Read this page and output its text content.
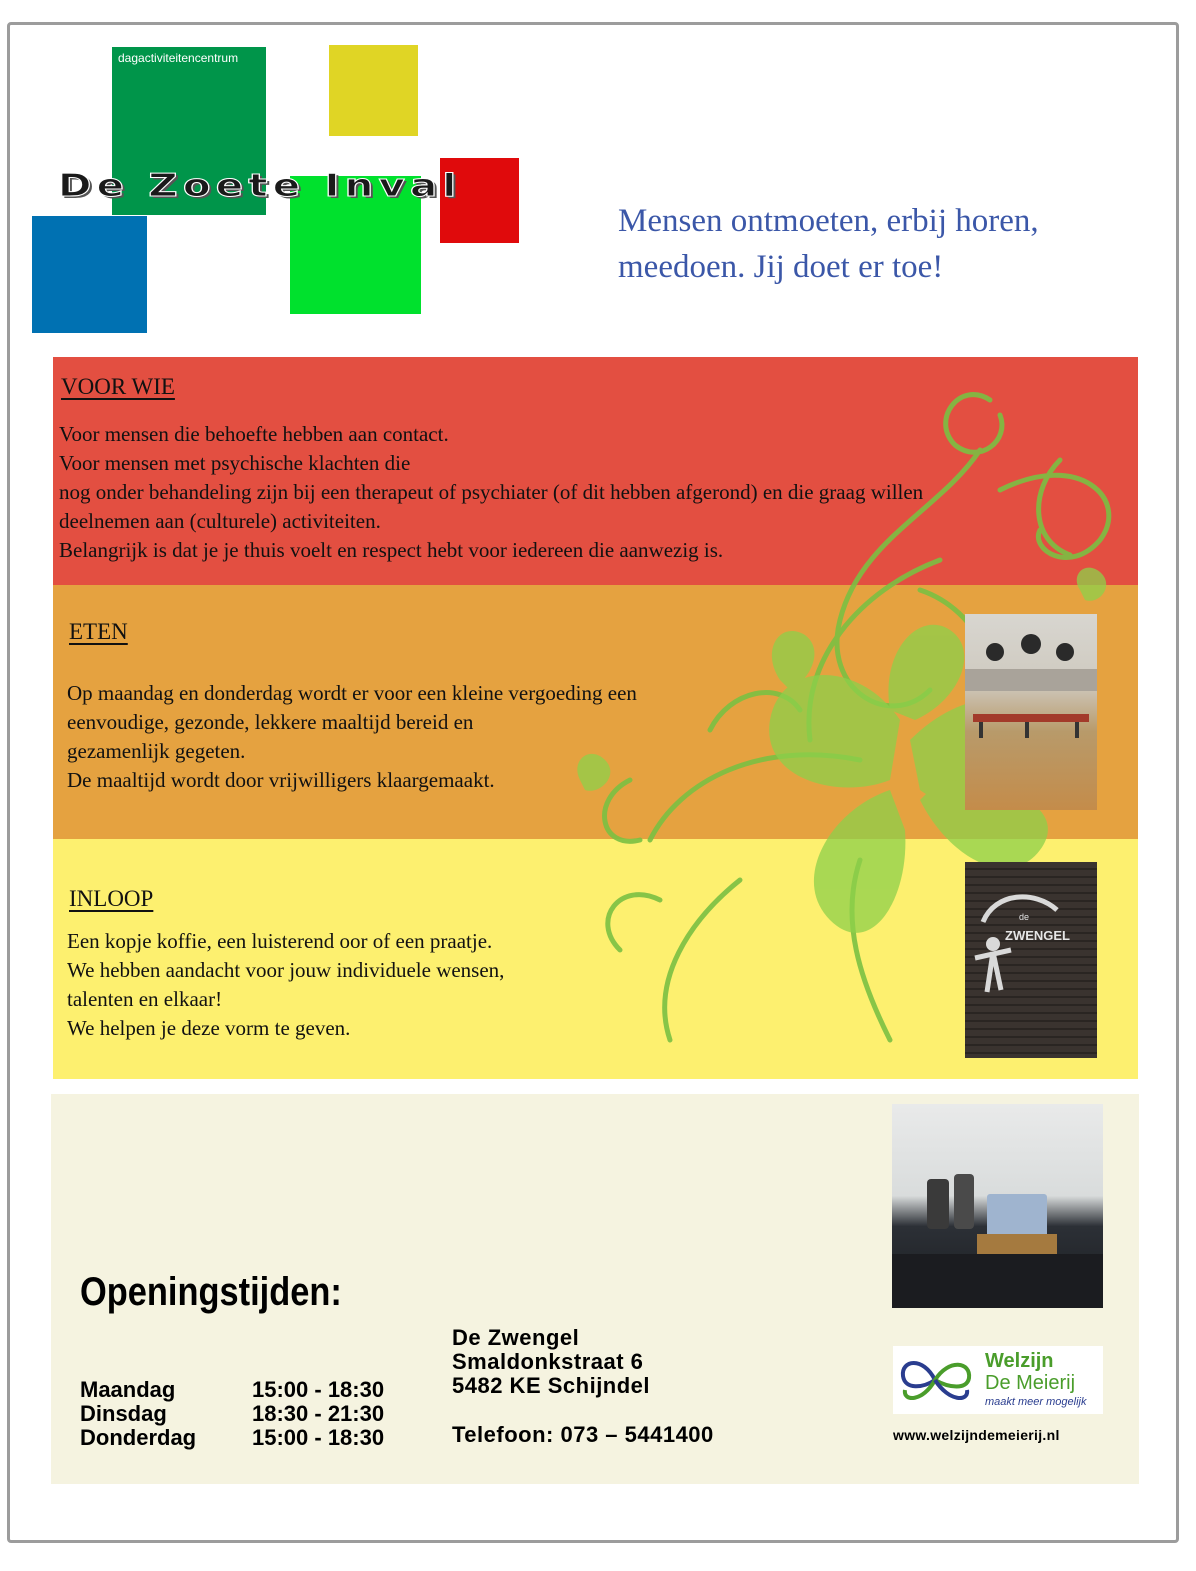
dagactiviteitencentrum
De Zoete Inval
Mensen ontmoeten, erbij horen,
meedoen. Jij doet er toe!
VOOR WIE
Voor mensen die behoefte hebben aan contact.
Voor mensen met psychische klachten die
nog onder behandeling zijn bij een therapeut of psychiater (of dit hebben afgerond) en die graag willen
deelnemen aan (culturele) activiteiten.
Belangrijk is dat je je thuis voelt en respect hebt voor iedereen die aanwezig is.
ETEN
Op maandag en donderdag wordt er voor een kleine vergoeding een
eenvoudige, gezonde, lekkere maaltijd bereid en
gezamenlijk gegeten.
De maaltijd wordt door vrijwilligers klaargemaakt.
INLOOP
Een kopje koffie, een luisterend oor of een praatje.
We hebben aandacht voor jouw individuele wensen,
talenten en elkaar!
We helpen je deze vorm te geven.
de
ZWENGEL
Openingstijden:
Maandag	15:00 - 18:30
Dinsdag	18:30 - 21:30
Donderdag	15:00 - 18:30
De Zwengel
Smaldonkstraat 6
5482 KE Schijndel
Telefoon: 073 – 5441400
Welzijn
De Meierij
maakt meer mogelijk
www.welzijndemeierij.nl
